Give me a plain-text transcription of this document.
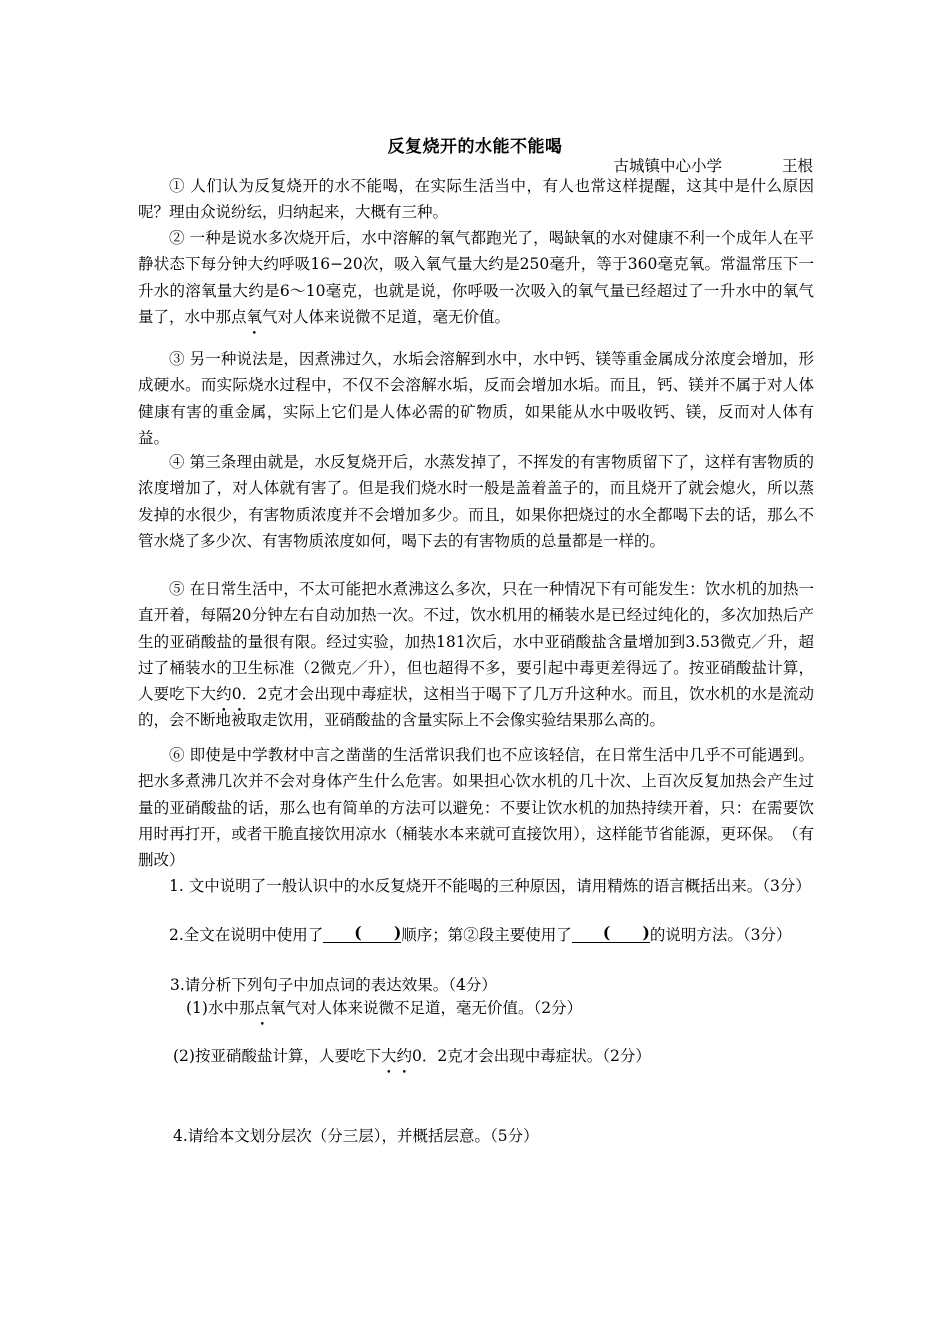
反复烧开的水能不能喝
古城镇中心小学	王根

① 人们认为反复烧开的水不能喝，在实际生活当中，有人也常这样提醒，这其中是什么原因呢？理由众说纷纭，归纳起来，大概有三种。

② 一种是说水多次烧开后，水中溶解的氧气都跑光了，喝缺氧的水对健康不利一个成年人在平静状态下每分钟大约呼吸16−20次，吸入氧气量大约是250毫升，等于360毫克氧。常温常压下一升水的溶氧量大约是6～10毫克，也就是说，你呼吸一次吸入的氧气量已经超过了一升水中的氧气量了，水中那点氧气对人体来说微不足道，毫无价值。

③ 另一种说法是，因煮沸过久，水垢会溶解到水中，水中钙、镁等重金属成分浓度会增加，形成硬水。而实际烧水过程中，不仅不会溶解水垢，反而会增加水垢。而且，钙、镁并不属于对人体健康有害的重金属，实际上它们是人体必需的矿物质，如果能从水中吸收钙、镁，反而对人体有益。

④ 第三条理由就是，水反复烧开后，水蒸发掉了，不挥发的有害物质留下了，这样有害物质的浓度增加了，对人体就有害了。但是我们烧水时一般是盖着盖子的，而且烧开了就会熄火，所以蒸发掉的水很少，有害物质浓度并不会增加多少。而且，如果你把烧过的水全都喝下去的话，那么不管水烧了多少次、有害物质浓度如何，喝下去的有害物质的总量都是一样的。

⑤ 在日常生活中，不太可能把水煮沸这么多次，只在一种情况下有可能发生：饮水机的加热一直开着，每隔20分钟左右自动加热一次。不过，饮水机用的桶装水是已经过纯化的，多次加热后产生的亚硝酸盐的量很有限。经过实验，加热181次后，水中亚硝酸盐含量增加到3.53微克／升，超过了桶装水的卫生标准（2微克／升），但也超得不多，要引起中毒更差得远了。按亚硝酸盐计算，人要吃下大约0．2克才会出现中毒症状，这相当于喝下了几万升这种水。而且，饮水机的水是流动的，会不断地被取走饮用，亚硝酸盐的含量实际上不会像实验结果那么高的。

⑥ 即使是中学教材中言之凿凿的生活常识我们也不应该轻信，在日常生活中几乎不可能遇到。把水多煮沸几次并不会对身体产生什么危害。如果担心饮水机的几十次、上百次反复加热会产生过量的亚硝酸盐的话，那么也有简单的方法可以避免：不要让饮水机的加热持续开着，只：在需要饮用时再打开，或者干脆直接饮用凉水（桶装水本来就可直接饮用），这样能节省能源，更环保。　（有删改）

1. 文中说明了一般认识中的水反复烧开不能喝的三种原因，请用精炼的语言概括出来。（3分）

2.全文在说明中使用了 ( )	顺序；第②段主要使用了 ( )	的说明方法。（3分）

3.请分析下列句子中加点词的表达效果。（4分）

(1)水中那点氧气对人体来说微不足道，毫无价值。（2分）

(2)按亚硝酸盐计算，人要吃下大约0．2克才会出现中毒症状。（2分）

4.请给本文划分层次（分三层），并概括层意。（5分）
